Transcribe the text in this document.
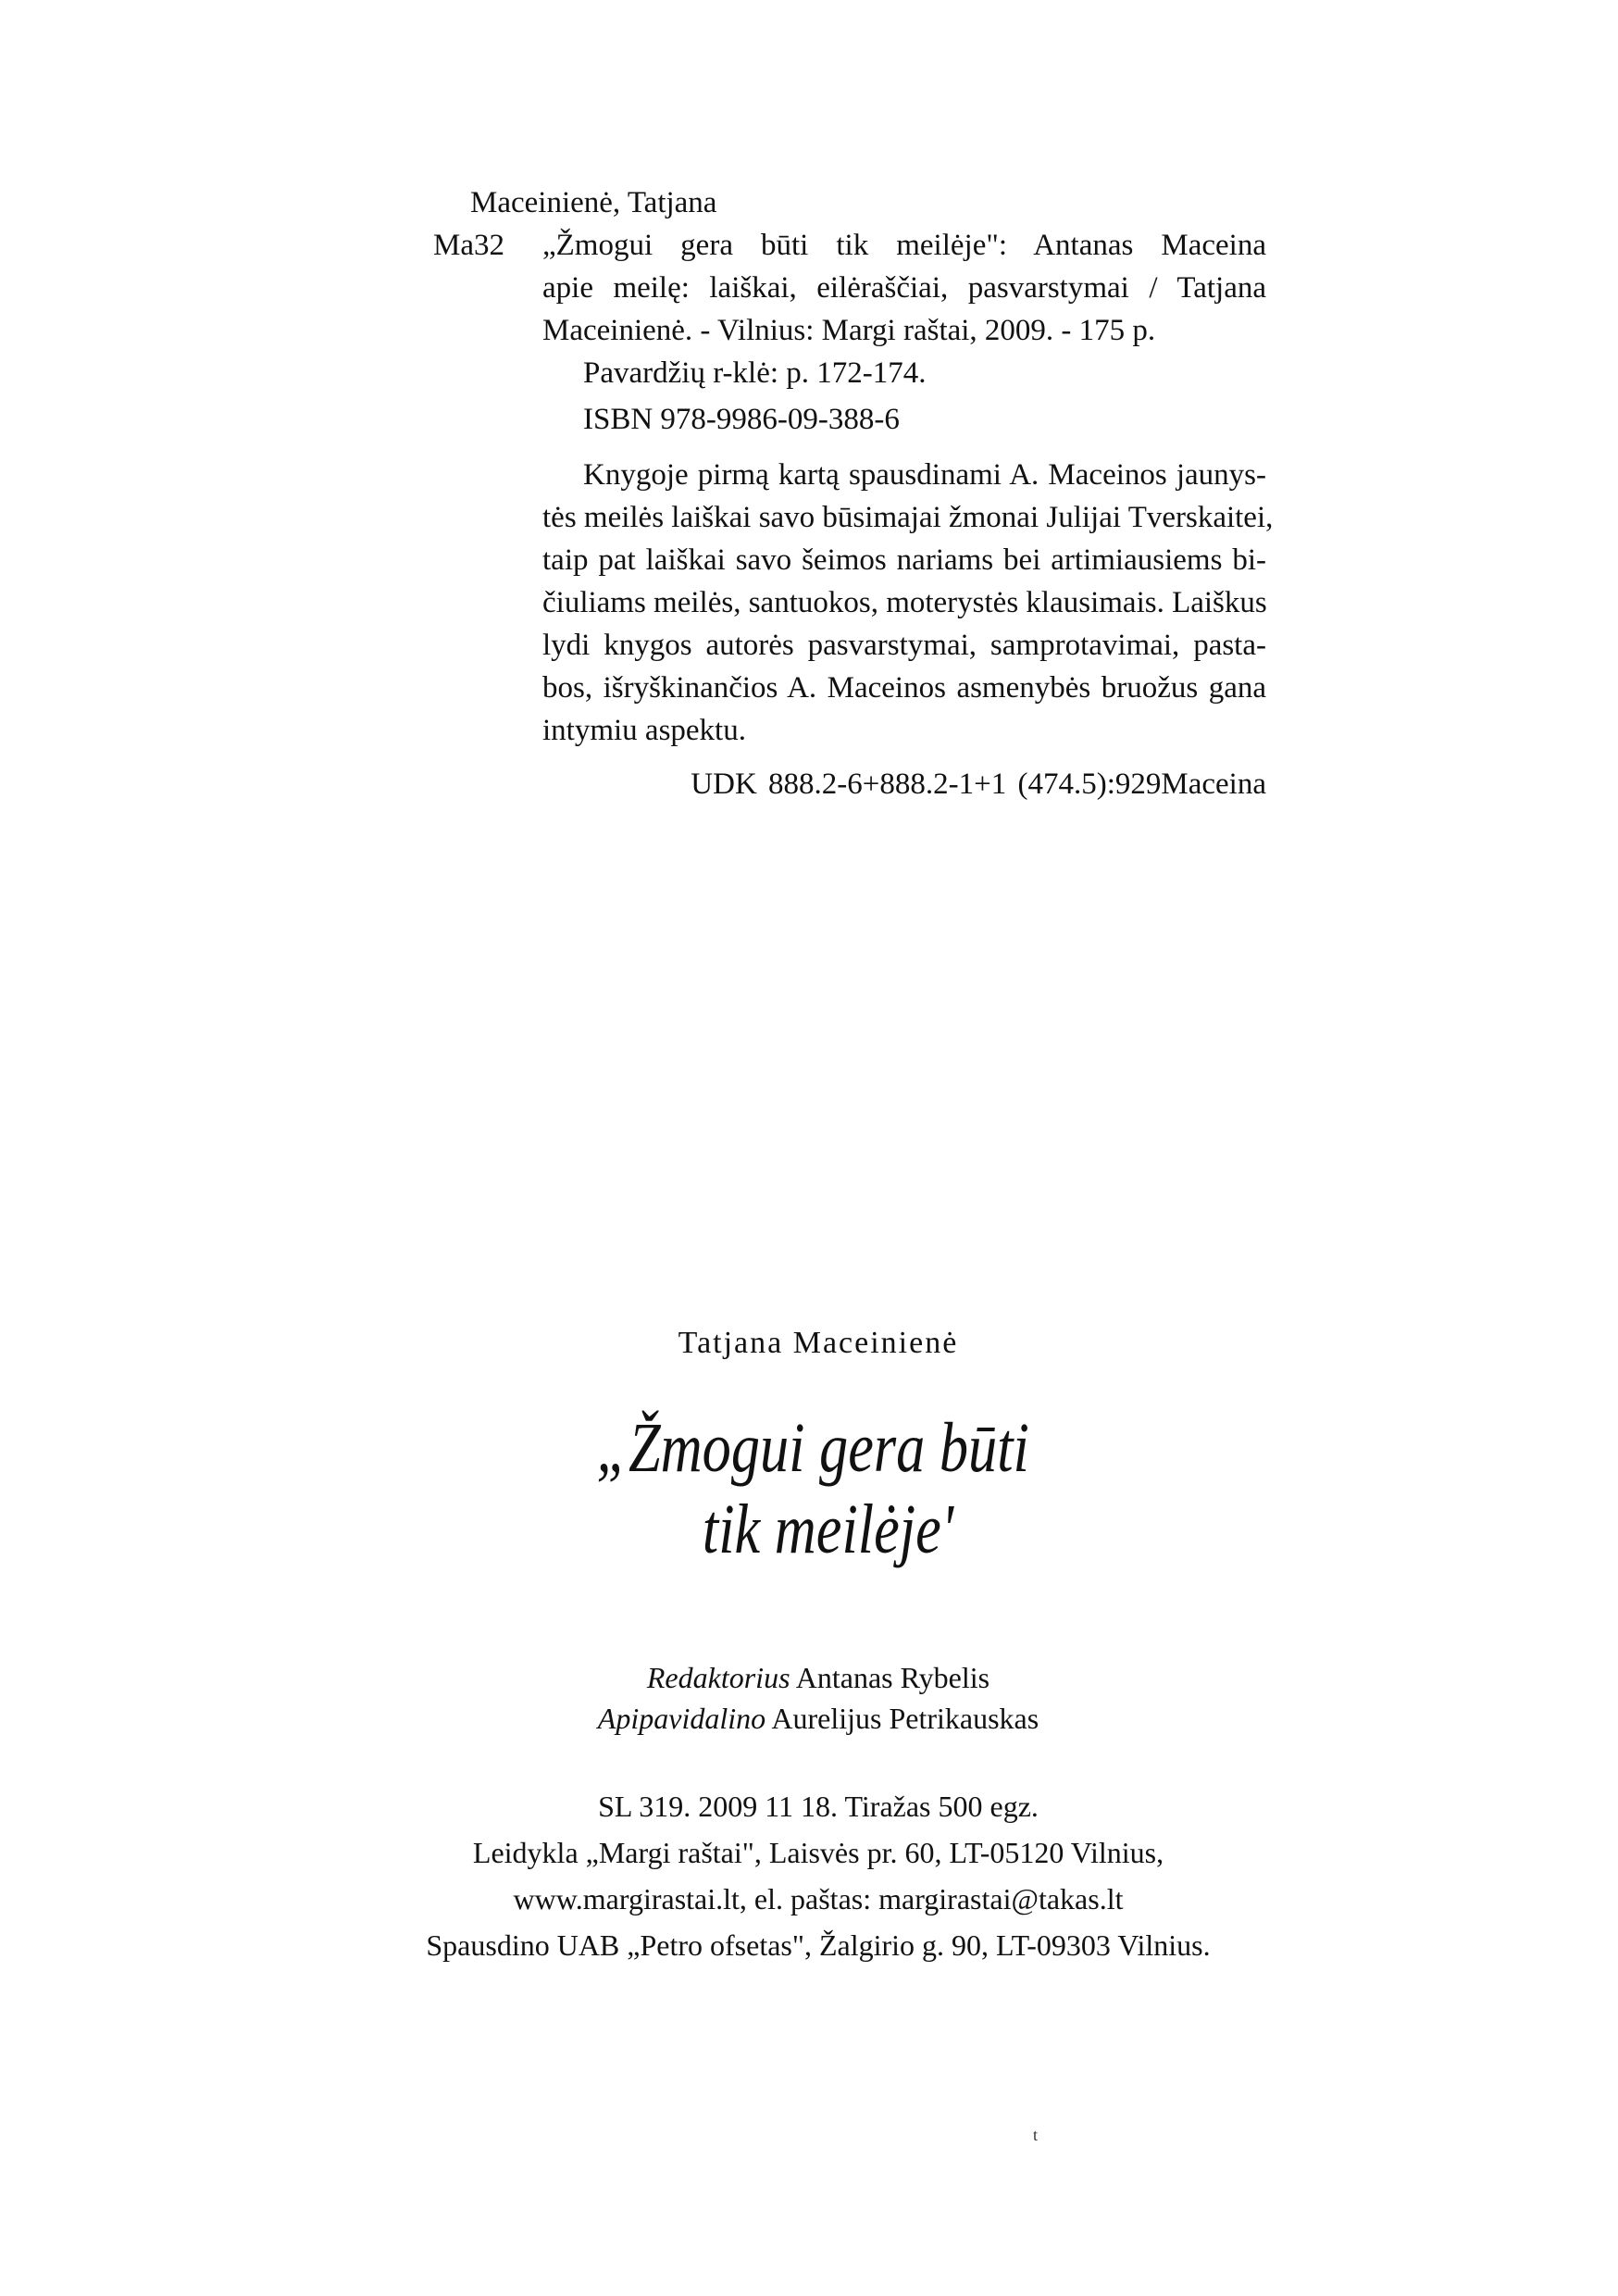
Maceinienė, Tatjana
Ma32 „Žmogui gera būti tik meilėje": Antanas Maceina
apie meilę: laiškai, eilėraščiai, pasvarstymai / Tatjana
Maceinienė. - Vilnius: Margi raštai, 2009. - 175 p.
Pavardžių r-klė: p. 172-174.
ISBN 978-9986-09-388-6
Knygoje pirmą kartą spausdinami A. Maceinos jaunys-
tės meilės laiškai savo būsimajai žmonai Julijai Tverskaitei,
taip pat laiškai savo šeimos nariams bei artimiausiems bi-
čiuliams meilės, santuokos, moterystės klausimais. Laiškus
lydi knygos autorės pasvarstymai, samprotavimai, pasta-
bos, išryškinančios A. Maceinos asmenybės bruožus gana
intymiu aspektu.
UDK 888.2-6+888.2-1+1 (474.5):929Maceina
Tatjana Maceinienė
„Žmogui gera būti
tik meilėje'
Redaktorius Antanas Rybelis
Apipavidalino Aurelijus Petrikauskas
SL 319. 2009 11 18. Tiražas 500 egz.
Leidykla „Margi raštai", Laisvės pr. 60, LT-05120 Vilnius,
www.margirastai.lt, el. paštas: margirastai@takas.lt
Spausdino UAB „Petro ofsetas", Žalgirio g. 90, LT-09303 Vilnius.
t
